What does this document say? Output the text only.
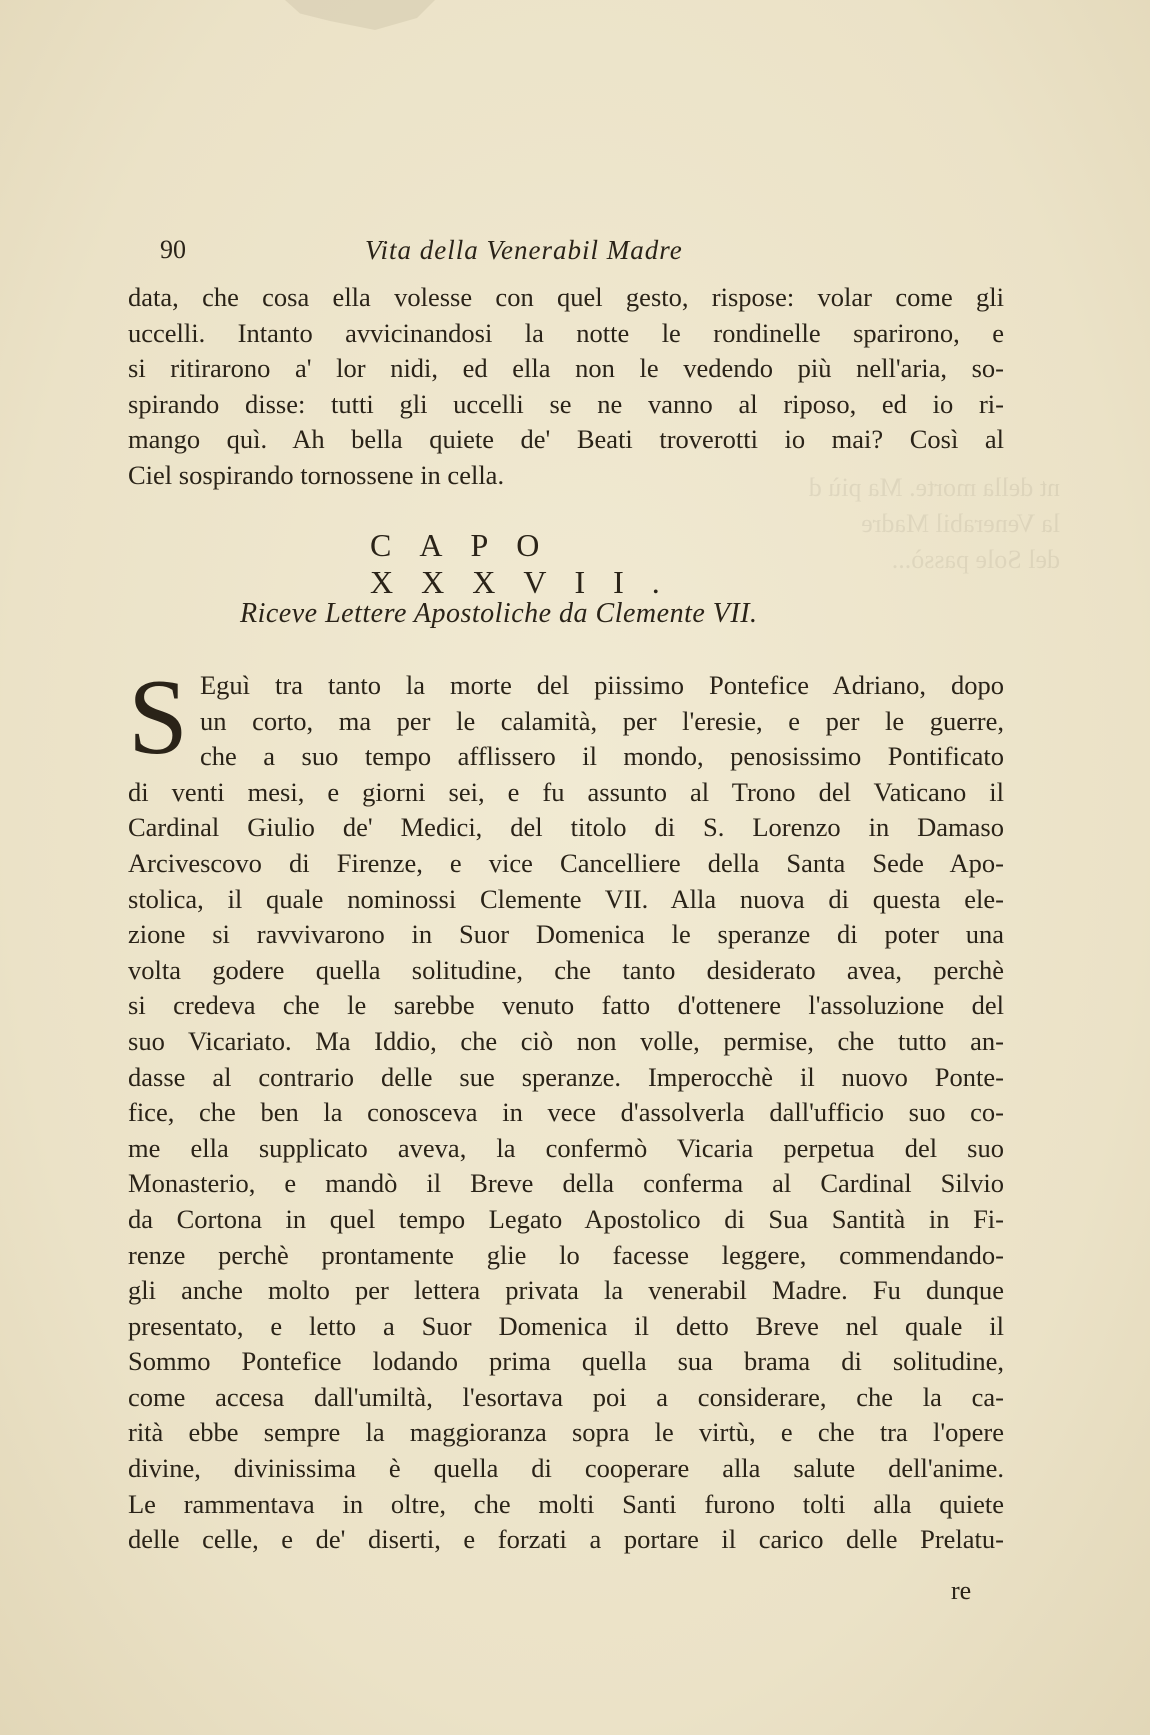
nt della morte. Ma più d
la Venerabil Madre
del Sole passò...
90	Vita della Venerabil Madre

data, che cosa ella volesse con quel gesto, rispose: volar come gli

uccelli. Intanto avvicinandosi la notte le rondinelle sparirono, e

si ritirarono a' lor nidi, ed ella non le vedendo più nell'aria, so-

spirando disse: tutti gli uccelli se ne vanno al riposo, ed io ri-

mango quì. Ah bella quiete de' Beati troverotti io mai? Così al

Ciel sospirando tornossene in cella.

CAPO XXXVII.
Riceve Lettere Apostoliche da Clemente VII.
S Eguì tra tanto la morte del piissimo Pontefice Adriano, dopo

un corto, ma per le calamità, per l'eresie, e per le guerre,

che a suo tempo afflissero il mondo, penosissimo Pontificato

di venti mesi, e giorni sei, e fu assunto al Trono del Vaticano il

Cardinal Giulio de' Medici, del titolo di S. Lorenzo in Damaso

Arcivescovo di Firenze, e vice Cancelliere della Santa Sede Apo-

stolica, il quale nominossi Clemente VII. Alla nuova di questa ele-

zione si ravvivarono in Suor Domenica le speranze di poter una

volta godere quella solitudine, che tanto desiderato avea, perchè

si credeva che le sarebbe venuto fatto d'ottenere l'assoluzione del

suo Vicariato. Ma Iddio, che ciò non volle, permise, che tutto an-

dasse al contrario delle sue speranze. Imperocchè il nuovo Ponte-

fice, che ben la conosceva in vece d'assolverla dall'ufficio suo co-

me ella supplicato aveva, la confermò Vicaria perpetua del suo

Monasterio, e mandò il Breve della conferma al Cardinal Silvio

da Cortona in quel tempo Legato Apostolico di Sua Santità in Fi-

renze perchè prontamente glie lo facesse leggere, commendando-

gli anche molto per lettera privata la venerabil Madre. Fu dunque

presentato, e letto a Suor Domenica il detto Breve nel quale il

Sommo Pontefice lodando prima quella sua brama di solitudine,

come accesa dall'umiltà, l'esortava poi a considerare, che la ca-

rità ebbe sempre la maggioranza sopra le virtù, e che tra l'opere

divine, divinissima è quella di cooperare alla salute dell'anime.

Le rammentava in oltre, che molti Santi furono tolti alla quiete

delle celle, e de' diserti, e forzati a portare il carico delle Prelatu-

re
